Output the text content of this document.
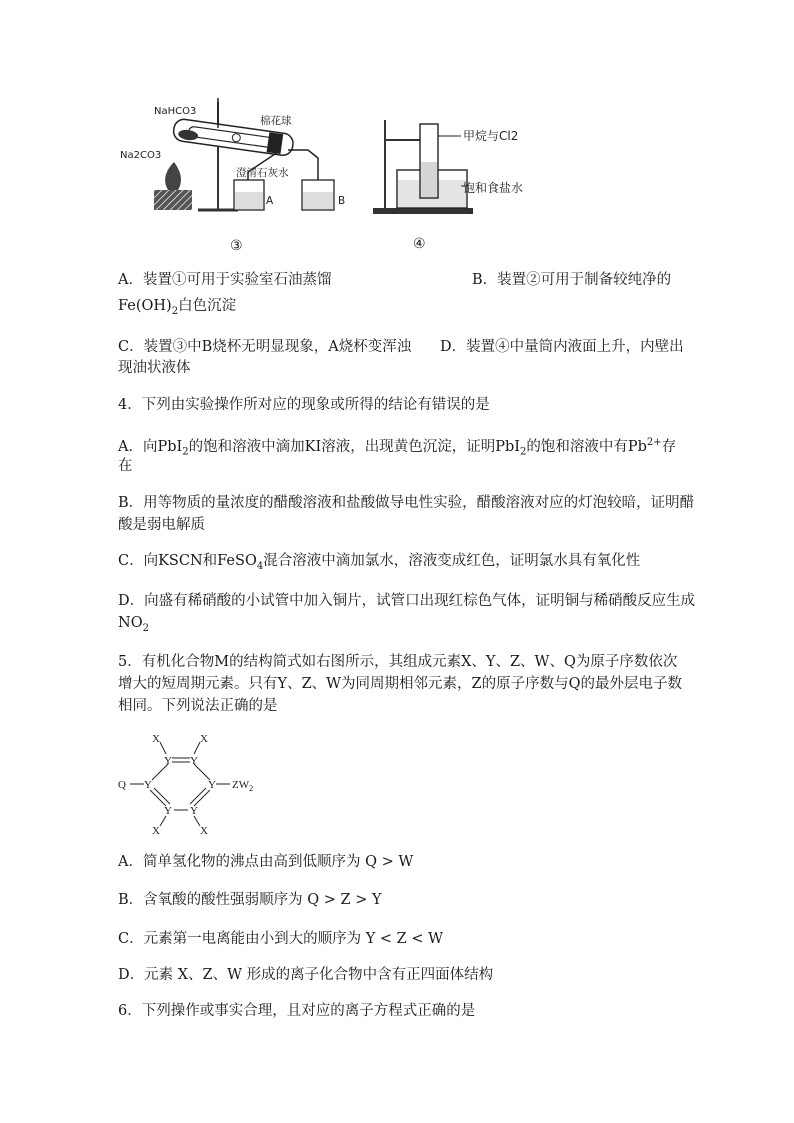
NaHCO3
Na2CO3
棉花球
澄清石灰水
A	B
③
甲烷与Cl2
饱和食盐水
④
A．装置①可用于实验室石油蒸馏	B．装置②可用于制备较纯净的
$Fe(OH)_2$白色沉淀
C．装置③中B烧杯无明显现象，A烧杯变浑浊 D．装置④中量筒内液面上升，内壁出
现油状液体
4．下列由实验操作所对应的现象或所得的结论有错误的是
A．向PbI$_2$的饱和溶液中滴加KI溶液，出现黄色沉淀，证明PbI$_2$的饱和溶液中有$Pb^{2+}$存
在
B．用等物质的量浓度的醋酸溶液和盐酸做导电性实验，醋酸溶液对应的灯泡较暗，证明醋
酸是弱电解质
C．向KSCN和FeSO$_4$混合溶液中滴加氯水，溶液变成红色，证明氯水具有氧化性
D．向盛有稀硝酸的小试管中加入铜片，试管口出现红棕色气体，证明铜与稀硝酸反应生成
$NO_2$
5．有机化合物M的结构简式如右图所示，其组成元素X、Y、Z、W、Q为原子序数依次
增大的短周期元素。只有Y、Z、W为同周期相邻元素，Z的原子序数与Q的最外层电子数
相同。下列说法正确的是
X	X
Y Y
Q Y	Y $ZW_2$
Y Y
X	X
A．简单氢化物的沸点由高到低顺序为 Q > W
B．含氧酸的酸性强弱顺序为 Q > Z > Y
C．元素第一电离能由小到大的顺序为 Y < Z < W
D．元素 X、Z、W 形成的离子化合物中含有正四面体结构
6．下列操作或事实合理，且对应的离子方程式正确的是
